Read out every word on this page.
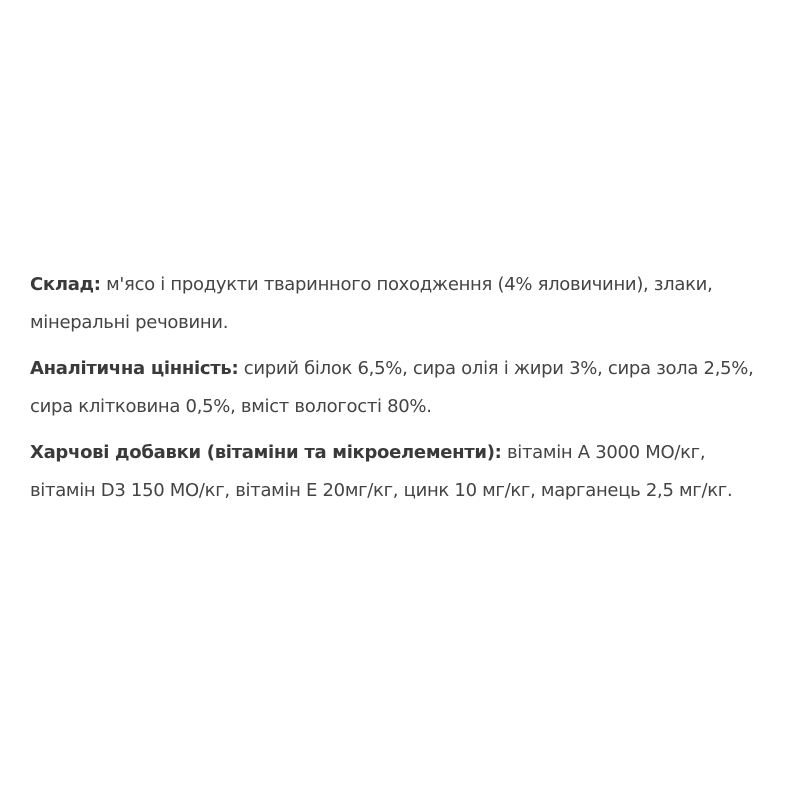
Склад: м'ясо і продукти тваринного походження (4% яловичини), злаки, мінеральні речовини.

Аналітична цінність: сирий білок 6,5%, сира олія і жири 3%, сира зола 2,5%, сира клітковина 0,5%, вміст вологості 80%.

Харчові добавки (вітаміни та мікроелементи): вітамін А 3000 МО/кг, вітамін D3 150 МО/кг, вітамін Е 20мг/кг, цинк 10 мг/кг, марганець 2,5 мг/кг.
